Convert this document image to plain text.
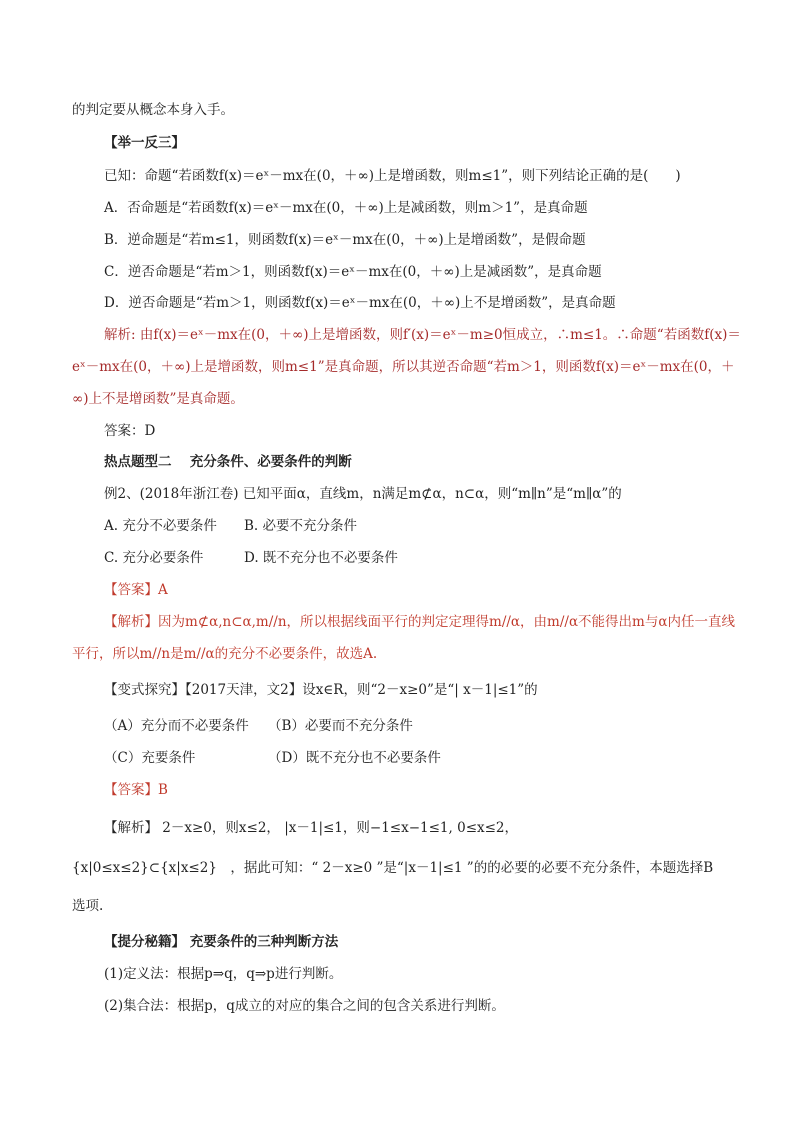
的判定要从概念本身入手。
【举一反三】
已知：命题“若函数f(x)＝eˣ－mx在(0，＋∞)上是增函数，则m≤1”，则下列结论正确的是(　　)
A．否命题是“若函数f(x)＝eˣ－mx在(0，＋∞)上是减函数，则m＞1”，是真命题
B．逆命题是“若m≤1，则函数f(x)＝eˣ－mx在(0，＋∞)上是增函数”，是假命题
C．逆否命题是“若m＞1，则函数f(x)＝eˣ－mx在(0，＋∞)上是减函数”，是真命题
D．逆否命题是“若m＞1，则函数f(x)＝eˣ－mx在(0，＋∞)上不是增函数”，是真命题
解析: 由f(x)＝eˣ－mx在(0，＋∞)上是增函数，则f′(x)＝eˣ－m≥0恒成立，∴m≤1。∴命题“若函数f(x)＝
eˣ－mx在(0，＋∞)上是增函数，则m≤1”是真命题，所以其逆否命题“若m＞1，则函数f(x)＝eˣ－mx在(0，＋
∞)上不是增函数”是真命题。
答案：D
热点题型二　 充分条件、必要条件的判断
例2、(2018年浙江卷) 已知平面α，直线m，n满足m⊄α，n⊂α，则“m∥n”是“m∥α”的
A. 充分不必要条件 B. 必要不充分条件
C. 充分必要条件	D. 既不充分也不必要条件
【答案】A
【解析】因为m⊄α,n⊂α,m//n，所以根据线面平行的判定定理得m//α，由m//α不能得出m与α内任一直线
平行，所以m//n是m//α的充分不必要条件，故选A.
【变式探究】【2017天津，文2】设x∈R，则“2－x≥0”是“| x－1|≤1”的
（A）充分而不必要条件 （B）必要而不充分条件
（C）充要条件	（D）既不充分也不必要条件
【答案】B
【解析】 2－x≥0，则x≤2， |x－1|≤1，则−1≤x−1≤1, 0≤x≤2，
{x|0≤x≤2}⊂{x|x≤2}　，据此可知：“ 2－x≥0 ”是“|x－1|≤1 ”的的必要的必要不充分条件，本题选择B
选项.
【提分秘籍】 充要条件的三种判断方法
(1)定义法：根据p⇒q，q⇒p进行判断。
(2)集合法：根据p，q成立的对应的集合之间的包含关系进行判断。
